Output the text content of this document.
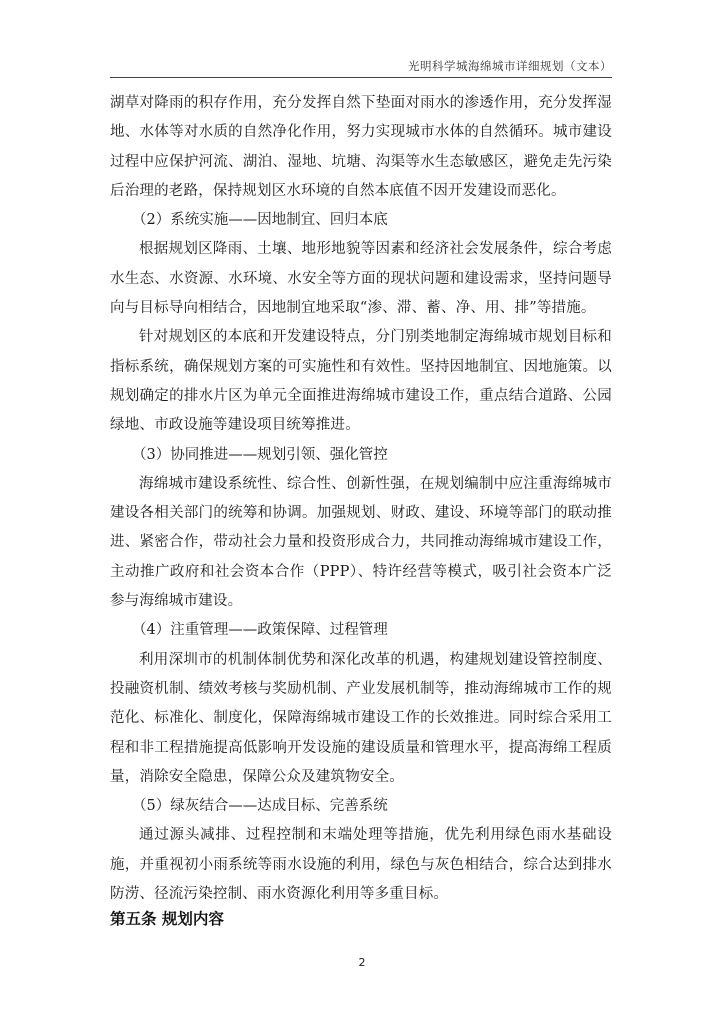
光明科学城海绵城市详细规划（文本）

湖草对降雨的积存作用，充分发挥自然下垫面对雨水的渗透作用，充分发挥湿地、水体等对水质的自然净化作用，努力实现城市水体的自然循环。城市建设过程中应保护河流、湖泊、湿地、坑塘、沟渠等水生态敏感区，避免走先污染后治理的老路，保持规划区水环境的自然本底值不因开发建设而恶化。

（2）系统实施——因地制宜、回归本底

根据规划区降雨、土壤、地形地貌等因素和经济社会发展条件，综合考虑水生态、水资源、水环境、水安全等方面的现状问题和建设需求，坚持问题导向与目标导向相结合，因地制宜地采取“渗、滞、蓄、净、用、排”等措施。

针对规划区的本底和开发建设特点，分门别类地制定海绵城市规划目标和指标系统，确保规划方案的可实施性和有效性。坚持因地制宜、因地施策。以规划确定的排水片区为单元全面推进海绵城市建设工作，重点结合道路、公园绿地、市政设施等建设项目统筹推进。

（3）协同推进——规划引领、强化管控

海绵城市建设系统性、综合性、创新性强，在规划编制中应注重海绵城市建设各相关部门的统筹和协调。加强规划、财政、建设、环境等部门的联动推进、紧密合作，带动社会力量和投资形成合力，共同推动海绵城市建设工作，主动推广政府和社会资本合作（PPP）、特许经营等模式，吸引社会资本广泛参与海绵城市建设。

（4）注重管理——政策保障、过程管理

利用深圳市的机制体制优势和深化改革的机遇，构建规划建设管控制度、投融资机制、绩效考核与奖励机制、产业发展机制等，推动海绵城市工作的规范化、标准化、制度化，保障海绵城市建设工作的长效推进。同时综合采用工程和非工程措施提高低影响开发设施的建设质量和管理水平，提高海绵工程质量，消除安全隐患，保障公众及建筑物安全。

（5）绿灰结合——达成目标、完善系统

通过源头减排、过程控制和末端处理等措施，优先利用绿色雨水基础设施，并重视初小雨系统等雨水设施的利用，绿色与灰色相结合，综合达到排水防涝、径流污染控制、雨水资源化利用等多重目标。

第五条 规划内容
2
